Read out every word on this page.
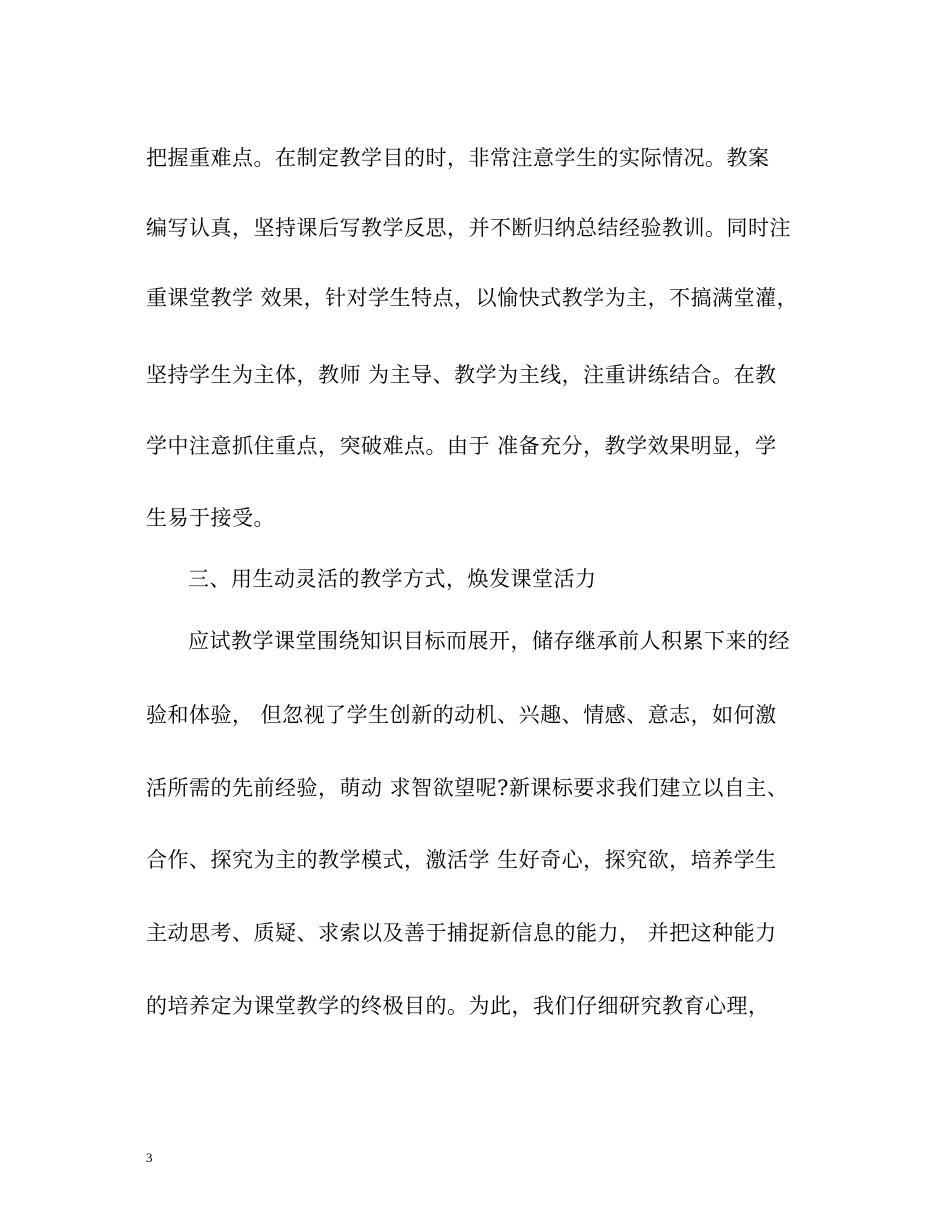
把握重难点。在制定教学目的时，非常注意学生的实际情况。教案
编写认真，坚持课后写教学反思，并不断归纳总结经验教训。同时注
重课堂教学 效果，针对学生特点，以愉快式教学为主，不搞满堂灌，
坚持学生为主体，教师 为主导、教学为主线，注重讲练结合。在教
学中注意抓住重点，突破难点。由于 准备充分，教学效果明显，学
生易于接受。
三、用生动灵活的教学方式，焕发课堂活力
应试教学课堂围绕知识目标而展开，储存继承前人积累下来的经
验和体验， 但忽视了学生创新的动机、兴趣、情感、意志，如何激
活所需的先前经验，萌动 求智欲望呢?新课标要求我们建立以自主、
合作、探究为主的教学模式，激活学 生好奇心，探究欲，培养学生
主动思考、质疑、求索以及善于捕捉新信息的能力， 并把这种能力
的培养定为课堂教学的终极目的。为此，我们仔细研究教育心理，
3
